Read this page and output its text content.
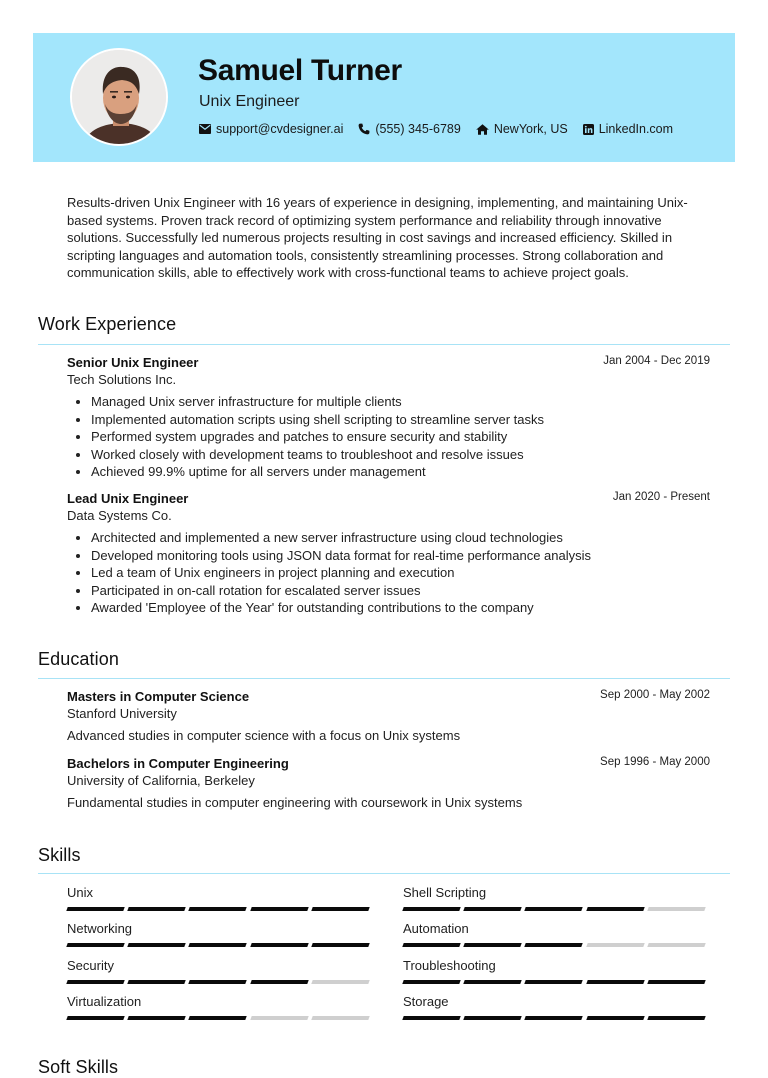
Samuel Turner
Unix Engineer
support@cvdesigner.ai	(555) 345-6789	NewYork, US LinkedIn.com

Results-driven Unix Engineer with 16 years of experience in designing, implementing, and maintaining Unix-based systems. Proven track record of optimizing system performance and reliability through innovative solutions. Successfully led numerous projects resulting in cost savings and increased efficiency. Skilled in scripting languages and automation tools, consistently streamlining processes. Strong collaboration and communication skills, able to effectively work with cross-functional teams to achieve project goals.

Work Experience
Senior Unix Engineer	Jan 2004 - Dec 2019
Tech Solutions Inc.
Managed Unix server infrastructure for multiple clients
Implemented automation scripts using shell scripting to streamline server tasks
Performed system upgrades and patches to ensure security and stability
Worked closely with development teams to troubleshoot and resolve issues
Achieved 99.9% uptime for all servers under management
Lead Unix Engineer	Jan 2020 - Present
Data Systems Co.
Architected and implemented a new server infrastructure using cloud technologies
Developed monitoring tools using JSON data format for real-time performance analysis
Led a team of Unix engineers in project planning and execution
Participated in on-call rotation for escalated server issues
Awarded 'Employee of the Year' for outstanding contributions to the company
Education
Masters in Computer Science	Sep 2000 - May 2002
Stanford University
Advanced studies in computer science with a focus on Unix systems
Bachelors in Computer Engineering	Sep 1996 - May 2000
University of California, Berkeley
Fundamental studies in computer engineering with coursework in Unix systems
Skills
Unix	Shell Scripting
Networking	Automation
Security	Troubleshooting
Virtualization	Storage
Soft Skills
